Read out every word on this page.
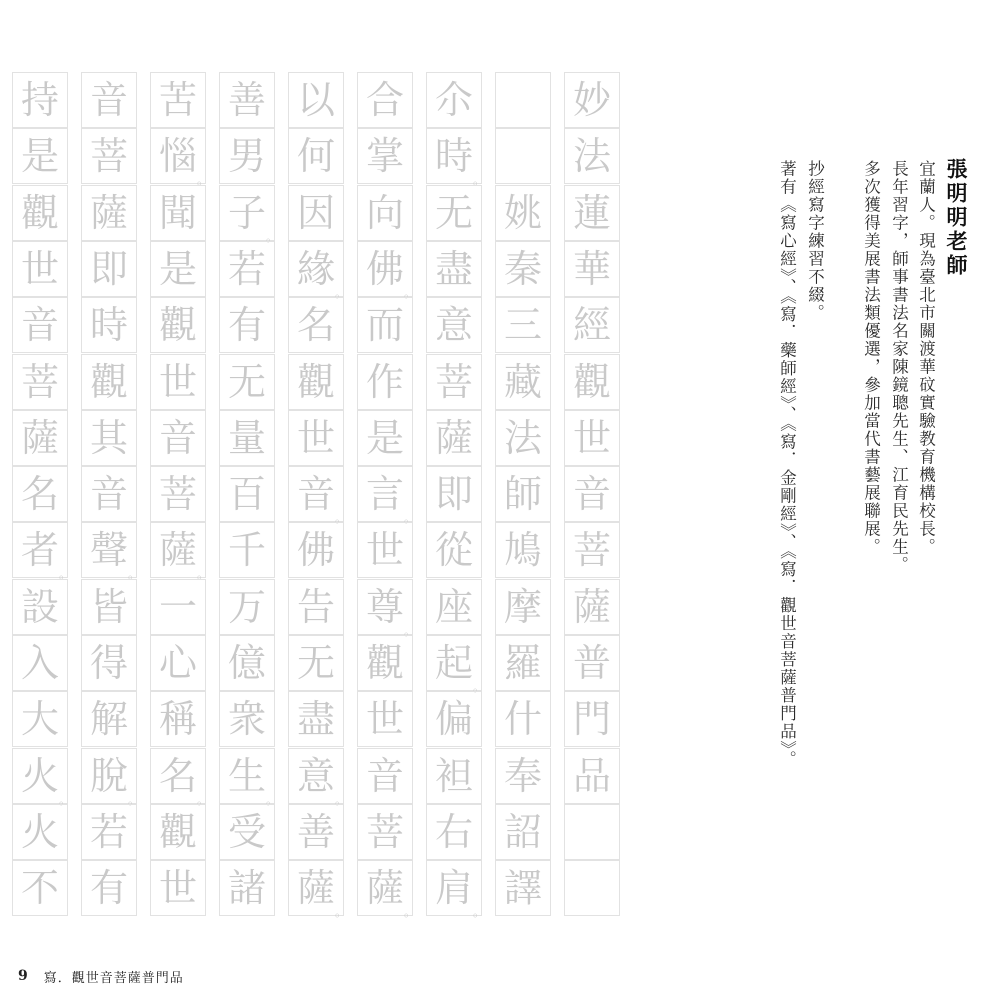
妙
法
蓮
華
經
觀
世
音
菩
薩
普
門
品
姚
秦
三
藏
法
師
鳩
摩
羅
什
奉
詔
譯
尒
時
。
无
盡
意
菩
薩
即
從
座
起
。
偏
袒
右
肩
。
合
掌
向
佛
。
而
作
是
言
。
世
尊
。
觀
世
音
菩
薩
。
以
何
因
緣
。
名
觀
世
音
。
佛
告
无
盡
意
。
善
薩
。
善
男
子
。
若
有
无
量
百
千
万
億
衆
生
。
受
諸
苦
惱
。
聞
是
觀
世
音
菩
薩
。
一
心
稱
名
。
觀
世
音
菩
薩
即
時
觀
其
音
聲
。
皆
得
解
脫
。
若
有
持
是
觀
世
音
菩
薩
名
者
。
設
入
大
火
。
火
不
張明明老師
宜蘭人。現為臺北市關渡華砇實驗教育機構校長。
長年習字，師事書法名家陳鏡聰先生、江育民先生。
多次獲得美展書法類優選，參加當代書藝展聯展。
抄經寫字練習不綴。
著有《寫心經》、《寫．藥師經》、《寫．金剛經》、《寫．觀世音菩薩普門品》。
9 寫．觀世音菩薩普門品
